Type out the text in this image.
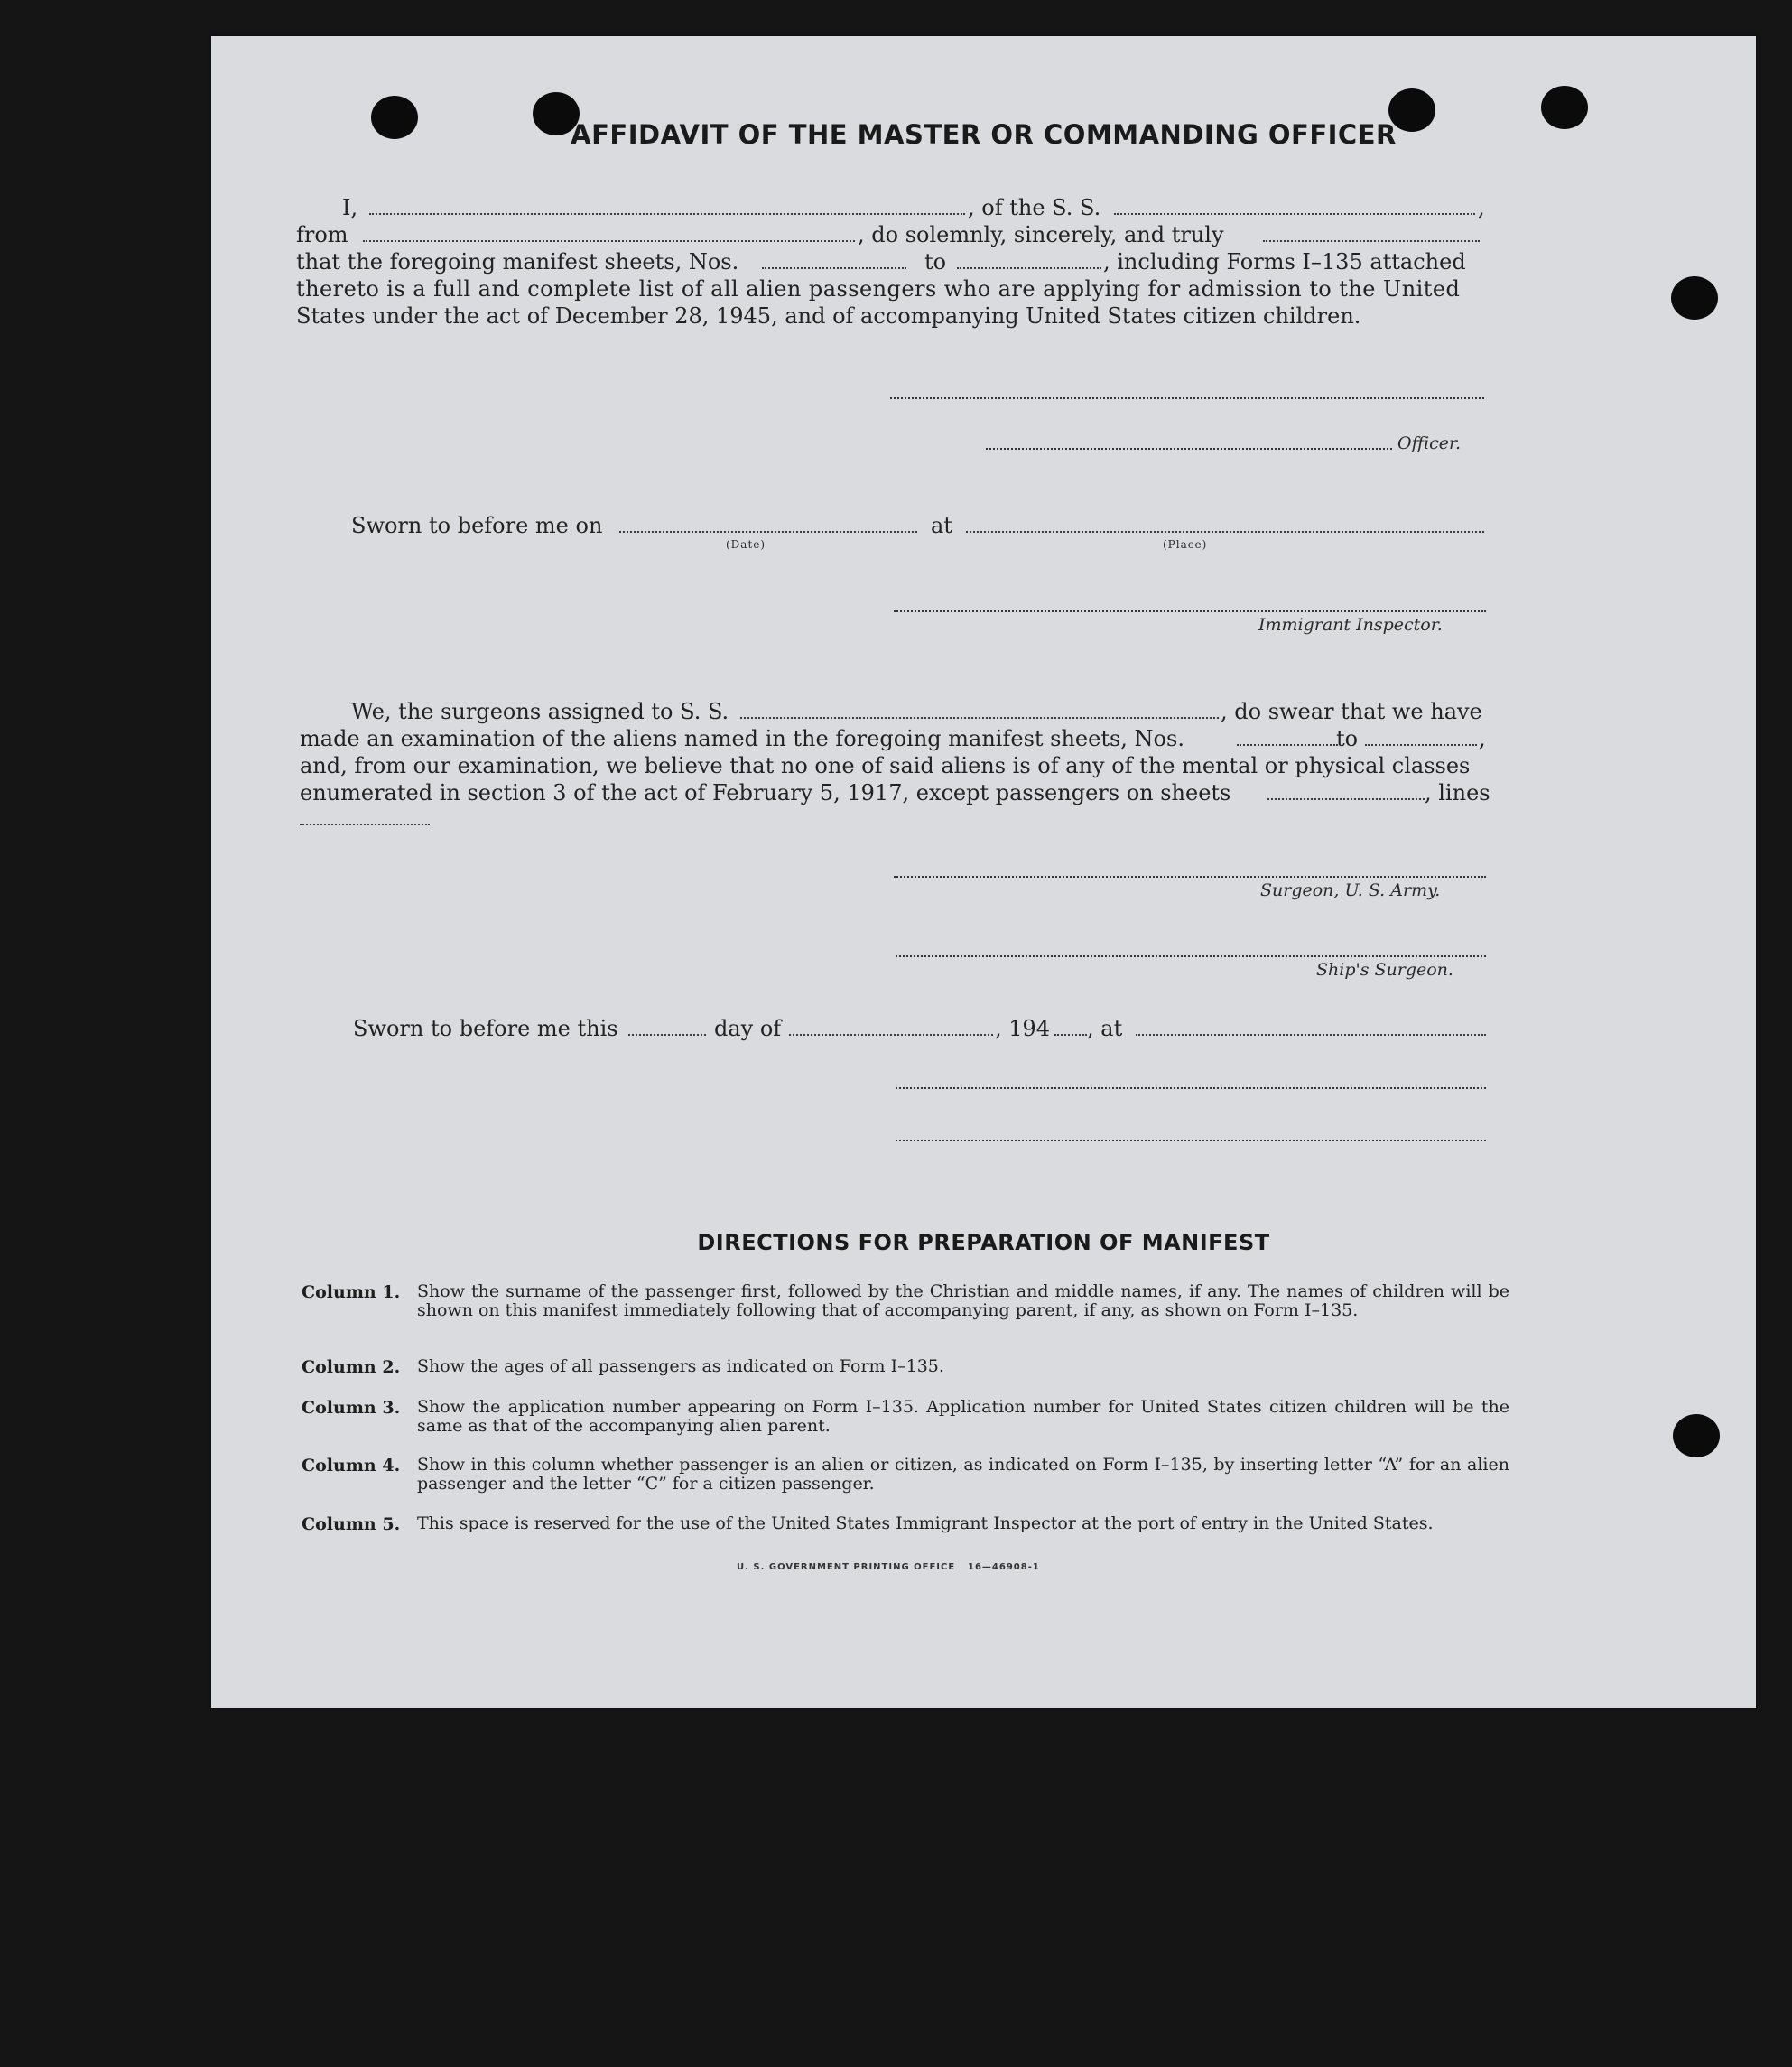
AFFIDAVIT OF THE MASTER OR COMMANDING OFFICER
I,	, of the S. S.	,
from	, do solemnly, sincerely, and truly
that the foregoing manifest sheets, Nos.	to	, including Forms I–135 attached
thereto is a full and complete list of all alien passengers who are applying for admission to the United
States under the act of December 28, 1945, and of accompanying United States citizen children.
Officer.
Sworn to before me on
(Date)
at
(Place)
Immigrant Inspector.
We, the surgeons assigned to S. S.	, do swear that we have
made an examination of the aliens named in the foregoing manifest sheets, Nos.	to	,
and, from our examination, we believe that no one of said aliens is of any of the mental or physical classes
enumerated in section 3 of the act of February 5, 1917, except passengers on sheets	, lines
Surgeon, U. S. Army.
Ship's Surgeon.
Sworn to before me this	day of	, 194 , at
DIRECTIONS FOR PREPARATION OF MANIFEST
Column 1. Show the surname of the passenger first, followed by the Christian and middle names, if any. The names of children will be shown on this manifest immediately following that of accompanying parent, if any, as shown on Form I–135.
Column 2. Show the ages of all passengers as indicated on Form I–135.
Column 3. Show the application number appearing on Form I–135. Application number for United States citizen children will be the same as that of the accompanying alien parent.
Column 4. Show in this column whether passenger is an alien or citizen, as indicated on Form I–135, by inserting letter “A” for an alien passenger and the letter “C” for a citizen passenger.
Column 5. This space is reserved for the use of the United States Immigrant Inspector at the port of entry in the United States.
U. S. GOVERNMENT PRINTING OFFICE 16—46908-1
